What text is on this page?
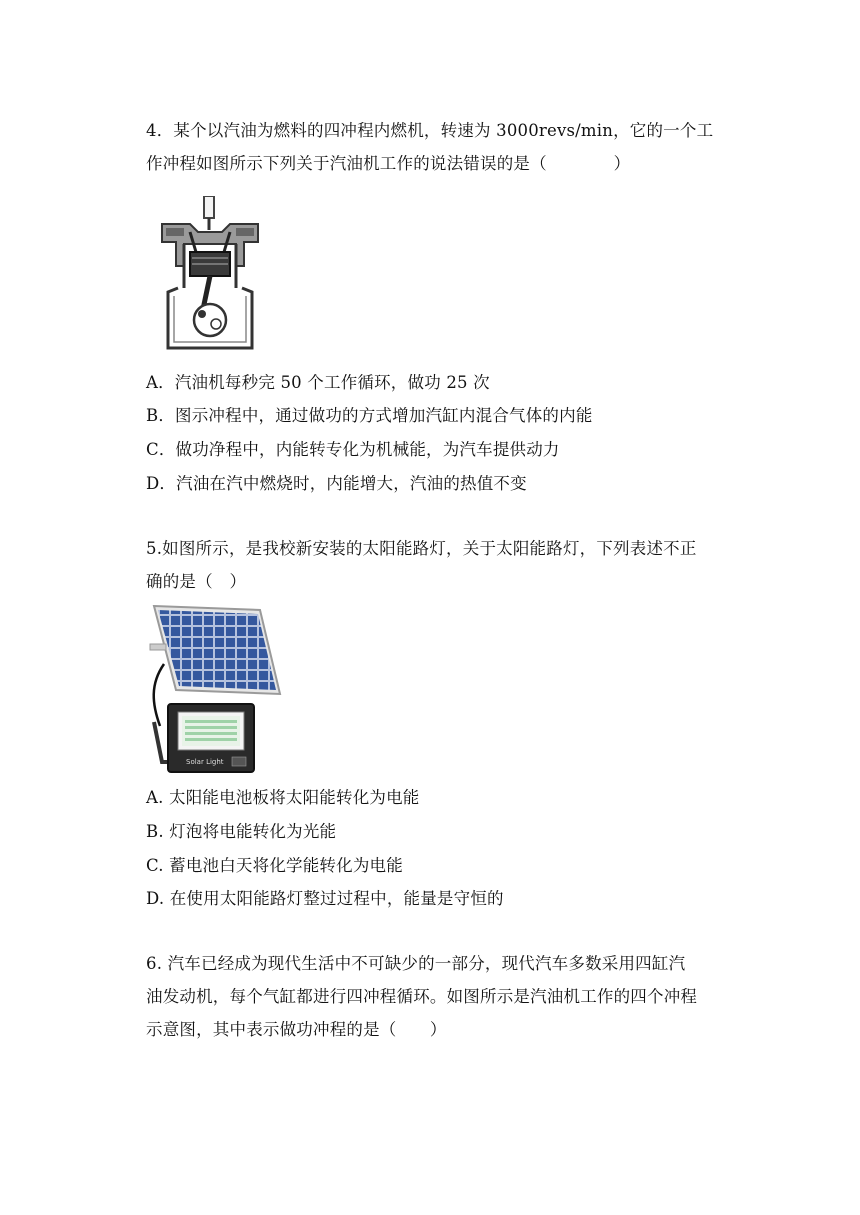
4．某个以汽油为燃料的四冲程内燃机，转速为 3000revs/min，它的一个工
作冲程如图所示下列关于汽油机工作的说法错误的是（　　　　）
A．汽油机每秒完 50 个工作循环，做功 25 次
B．图示冲程中，通过做功的方式增加汽缸内混合气体的内能
C．做功净程中，内能转专化为机械能，为汽车提供动力
D．汽油在汽中燃烧时，内能增大，汽油的热值不变
5.如图所示，是我校新安装的太阳能路灯，关于太阳能路灯，下列表述不正
确的是（　）
Solar Light
A. 太阳能电池板将太阳能转化为电能
B. 灯泡将电能转化为光能
C. 蓄电池白天将化学能转化为电能
D. 在使用太阳能路灯整过过程中，能量是守恒的
6. 汽车已经成为现代生活中不可缺少的一部分，现代汽车多数采用四缸汽
油发动机，每个气缸都进行四冲程循环。如图所示是汽油机工作的四个冲程
示意图，其中表示做功冲程的是（　　）
